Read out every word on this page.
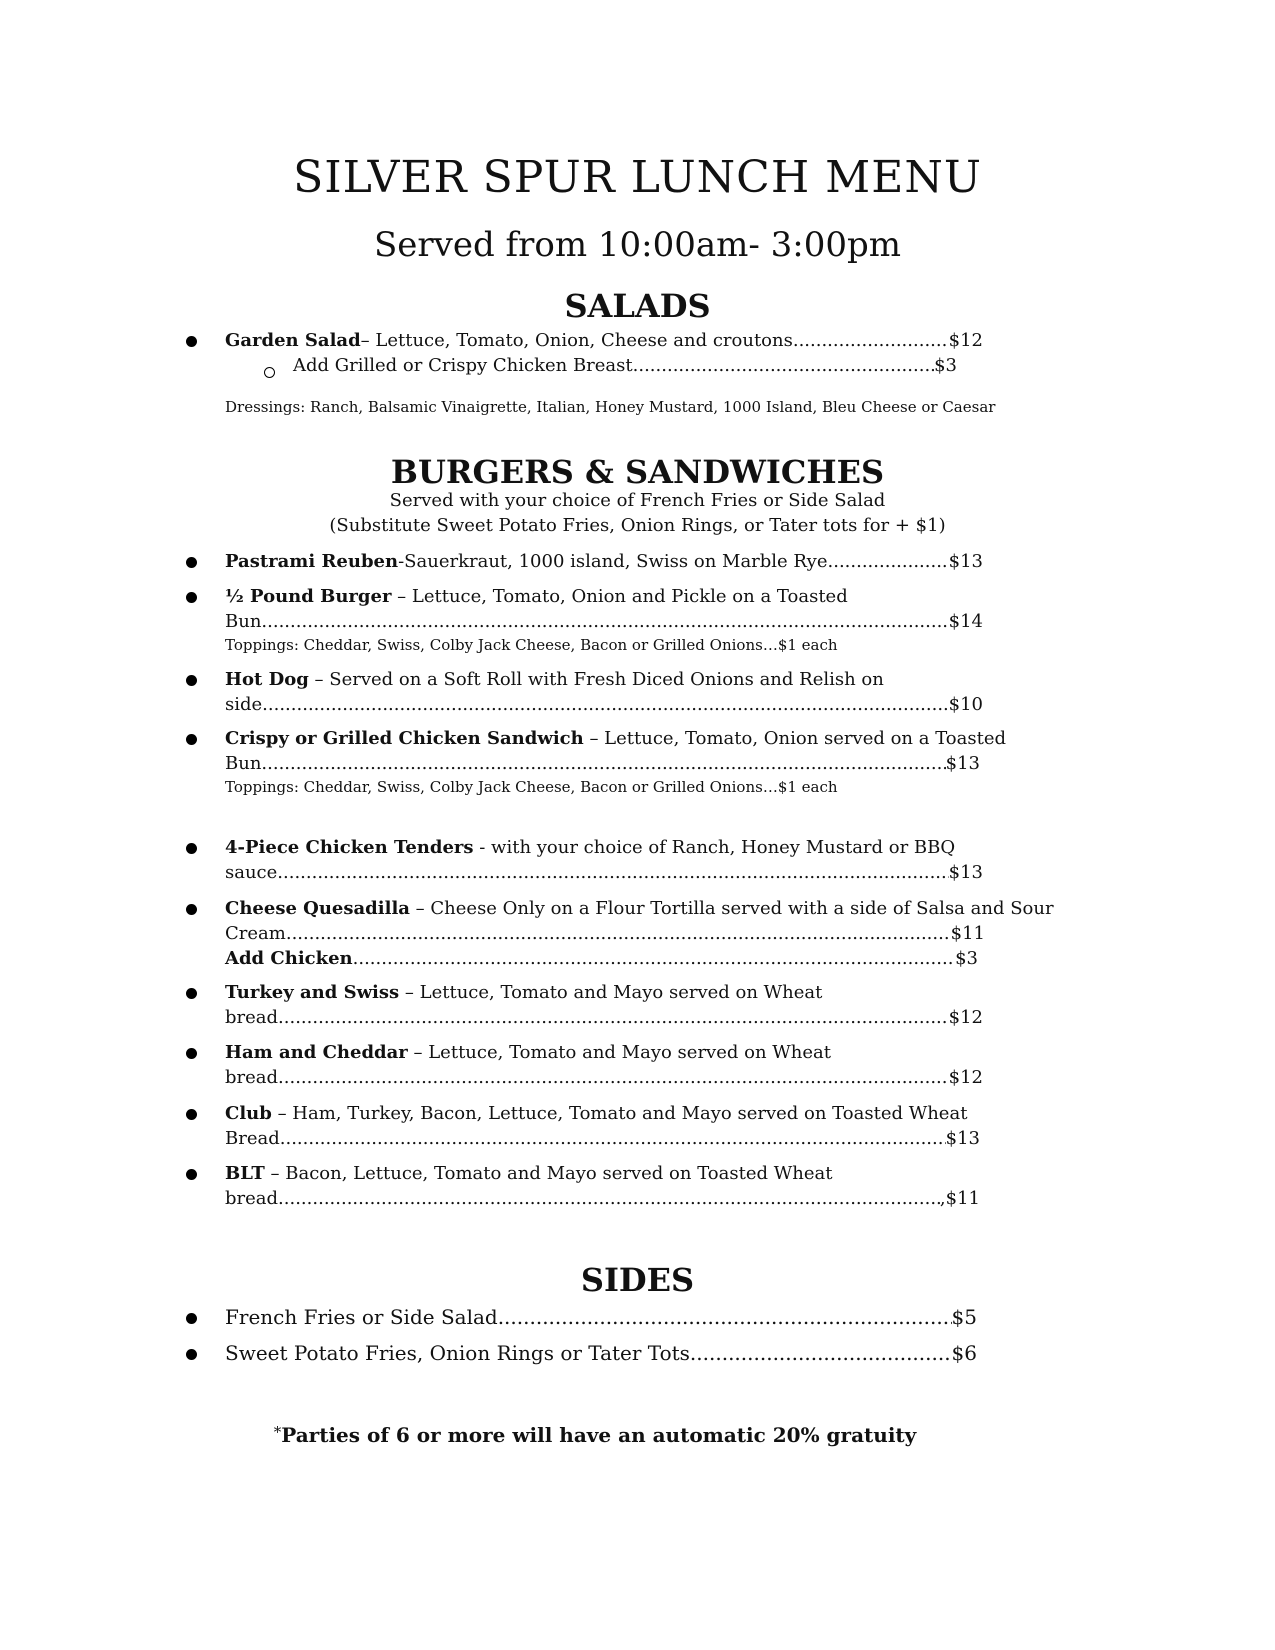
SILVER SPUR LUNCH MENU
Served from 10:00am- 3:00pm
SALADS
Garden Salad – Lettuce, Tomato, Onion, Cheese and croutons .....	$12
Add Grilled or Crispy Chicken Breast .....	$3
Dressings: Ranch, Balsamic Vinaigrette, Italian, Honey Mustard, 1000 Island, Bleu Cheese or Caesar
BURGERS & SANDWICHES
Served with your choice of French Fries or Side Salad
(Substitute Sweet Potato Fries, Onion Rings, or Tater tots for + $1)
Pastrami Reuben -Sauerkraut, 1000 island, Swiss on Marble Rye .....	$13
½ Pound Burger – Lettuce, Tomato, Onion and Pickle on a Toasted
Bun .....	$14
Toppings: Cheddar, Swiss, Colby Jack Cheese, Bacon or Grilled Onions…$1 each
Hot Dog – Served on a Soft Roll with Fresh Diced Onions and Relish on
side .....	$10
Crispy or Grilled Chicken Sandwich – Lettuce, Tomato, Onion served on a Toasted
Bun .....	$13
Toppings: Cheddar, Swiss, Colby Jack Cheese, Bacon or Grilled Onions…$1 each
4-Piece Chicken Tenders - with your choice of Ranch, Honey Mustard or BBQ
sauce .....	$13
Cheese Quesadilla – Cheese Only on a Flour Tortilla served with a side of Salsa and Sour
Cream .....	$11
Add Chicken .....	$3
Turkey and Swiss – Lettuce, Tomato and Mayo served on Wheat
bread .....	$12
Ham and Cheddar – Lettuce, Tomato and Mayo served on Wheat
bread .....	$12
Club – Ham, Turkey, Bacon, Lettuce, Tomato and Mayo served on Toasted Wheat
Bread .....	$13
BLT – Bacon, Lettuce, Tomato and Mayo served on Toasted Wheat
bread .....	,$11
SIDES
French Fries or Side Salad .....	$5
Sweet Potato Fries, Onion Rings or Tater Tots .....	$6
*Parties of 6 or more will have an automatic 20% gratuity
